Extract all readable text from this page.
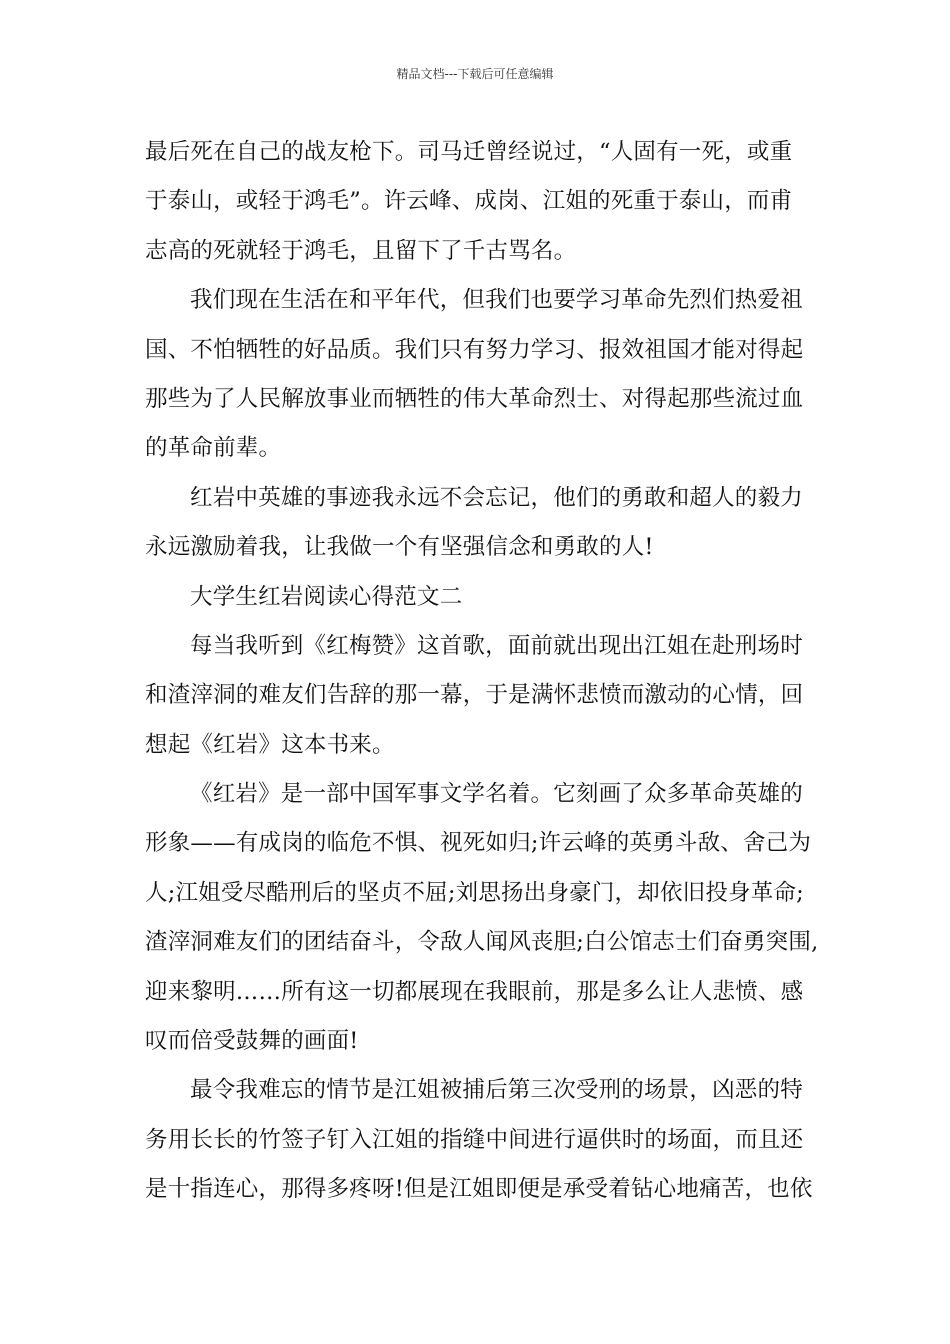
精品文档---下载后可任意编辑
最后死在自己的战友枪下。司马迁曾经说过，“人固有一死，或重
于泰山，或轻于鸿毛”。许云峰、成岗、江姐的死重于泰山，而甫
志高的死就轻于鸿毛，且留下了千古骂名。
我们现在生活在和平年代，但我们也要学习革命先烈们热爱祖
国、不怕牺牲的好品质。我们只有努力学习、报效祖国才能对得起
那些为了人民解放事业而牺牲的伟大革命烈士、对得起那些流过血
的革命前辈。
红岩中英雄的事迹我永远不会忘记，他们的勇敢和超人的毅力
永远激励着我，让我做一个有坚强信念和勇敢的人!
大学生红岩阅读心得范文二
每当我听到《红梅赞》这首歌，面前就出现出江姐在赴刑场时
和渣滓洞的难友们告辞的那一幕，于是满怀悲愤而激动的心情，回
想起《红岩》这本书来。
《红岩》是一部中国军事文学名着。它刻画了众多革命英雄的
形象——有成岗的临危不惧、视死如归;许云峰的英勇斗敌、舍己为
人;江姐受尽酷刑后的坚贞不屈;刘思扬出身豪门，却依旧投身革命;
渣滓洞难友们的团结奋斗，令敌人闻风丧胆;白公馆志士们奋勇突围,
迎来黎明……所有这一切都展现在我眼前，那是多么让人悲愤、感
叹而倍受鼓舞的画面!
最令我难忘的情节是江姐被捕后第三次受刑的场景，凶恶的特
务用长长的竹签子钉入江姐的指缝中间进行逼供时的场面，而且还
是十指连心，那得多疼呀!但是江姐即便是承受着钻心地痛苦，也依
